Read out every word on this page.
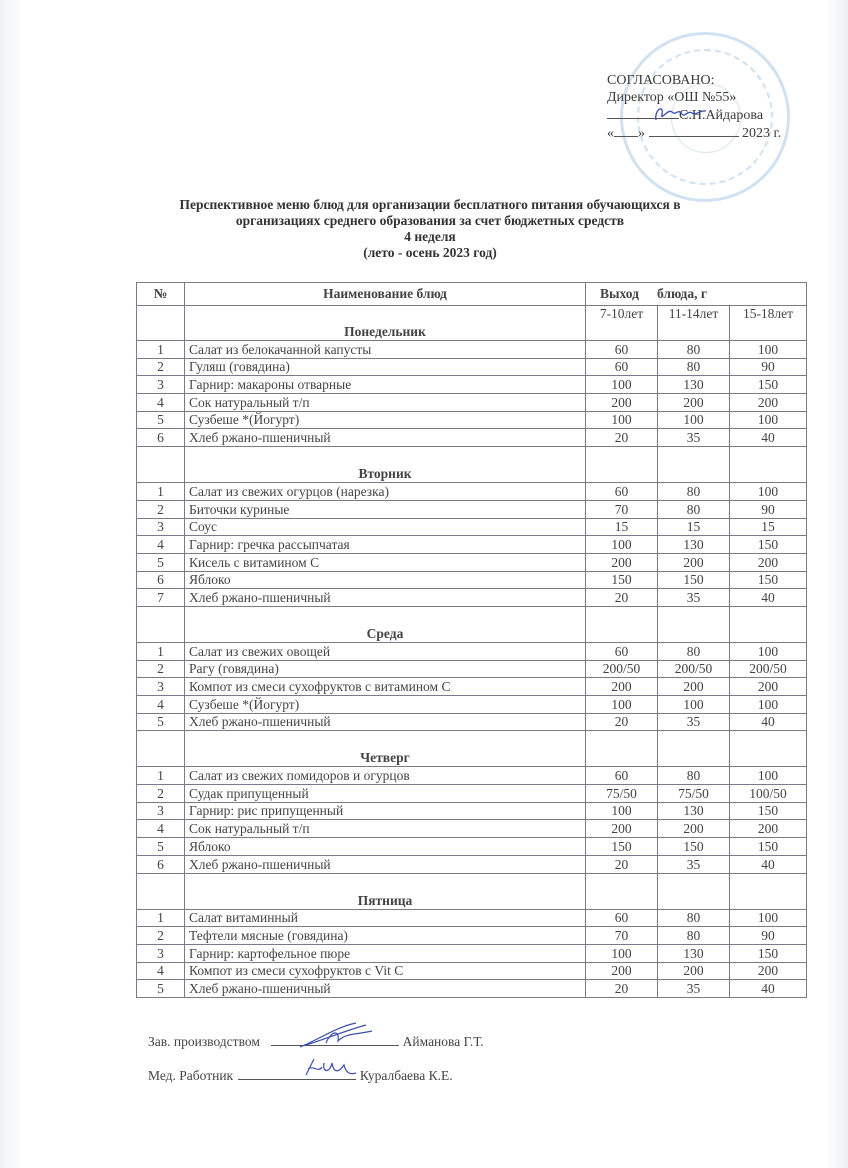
СОГЛАСОВАНО:
Директор «ОШ №55»
С.Н.Айдарова
« »	2023 г.
Перспективное меню блюд для организации бесплатного питания обучающихся в
организациях среднего образования за счет бюджетных средств
4 неделя
(лето - осень 2023 год)
№	Наименование блюд	Выход блюда, г		
	Понедельник	7-10лет	11-14лет	15-18лет
1	Салат из белокачанной капусты	60	80	100
2	Гуляш (говядина)	60	80	90
3	Гарнир: макароны отварные	100	130	150
4	Сок натуральный т/п	200	200	200
5	Сузбеше *(Йогурт)	100	100	100
6	Хлеб ржано-пшеничный	20	35	40
	Вторник			
1	Салат из свежих огурцов (нарезка)	60	80	100
2	Биточки куриные	70	80	90
3	Соус	15	15	15
4	Гарнир: гречка рассыпчатая	100	130	150
5	Кисель с витамином С	200	200	200
6	Яблоко	150	150	150
7	Хлеб ржано-пшеничный	20	35	40
	Среда			
1	Салат из свежих овощей	60	80	100
2	Рагу (говядина)	200/50	200/50	200/50
3	Компот из смеси сухофруктов с витамином С	200	200	200
4	Сузбеше *(Йогурт)	100	100	100
5	Хлеб ржано-пшеничный	20	35	40
	Четверг			
1	Салат из свежих помидоров и огурцов	60	80	100
2	Судак припущенный	75/50	75/50	100/50
3	Гарнир: рис припущенный	100	130	150
4	Сок натуральный т/п	200	200	200
5	Яблоко	150	150	150
6	Хлеб ржано-пшеничный	20	35	40
	Пятница			
1	Салат витаминный	60	80	100
2	Тефтели мясные (говядина)	70	80	90
3	Гарнир: картофельное пюре	100	130	150
4	Компот из смеси сухофруктов с Vit C	200	200	200
5	Хлеб ржано-пшеничный	20	35	40
Зав. производством	Айманова Г.Т.
Мед. Работник	Куралбаева К.Е.
